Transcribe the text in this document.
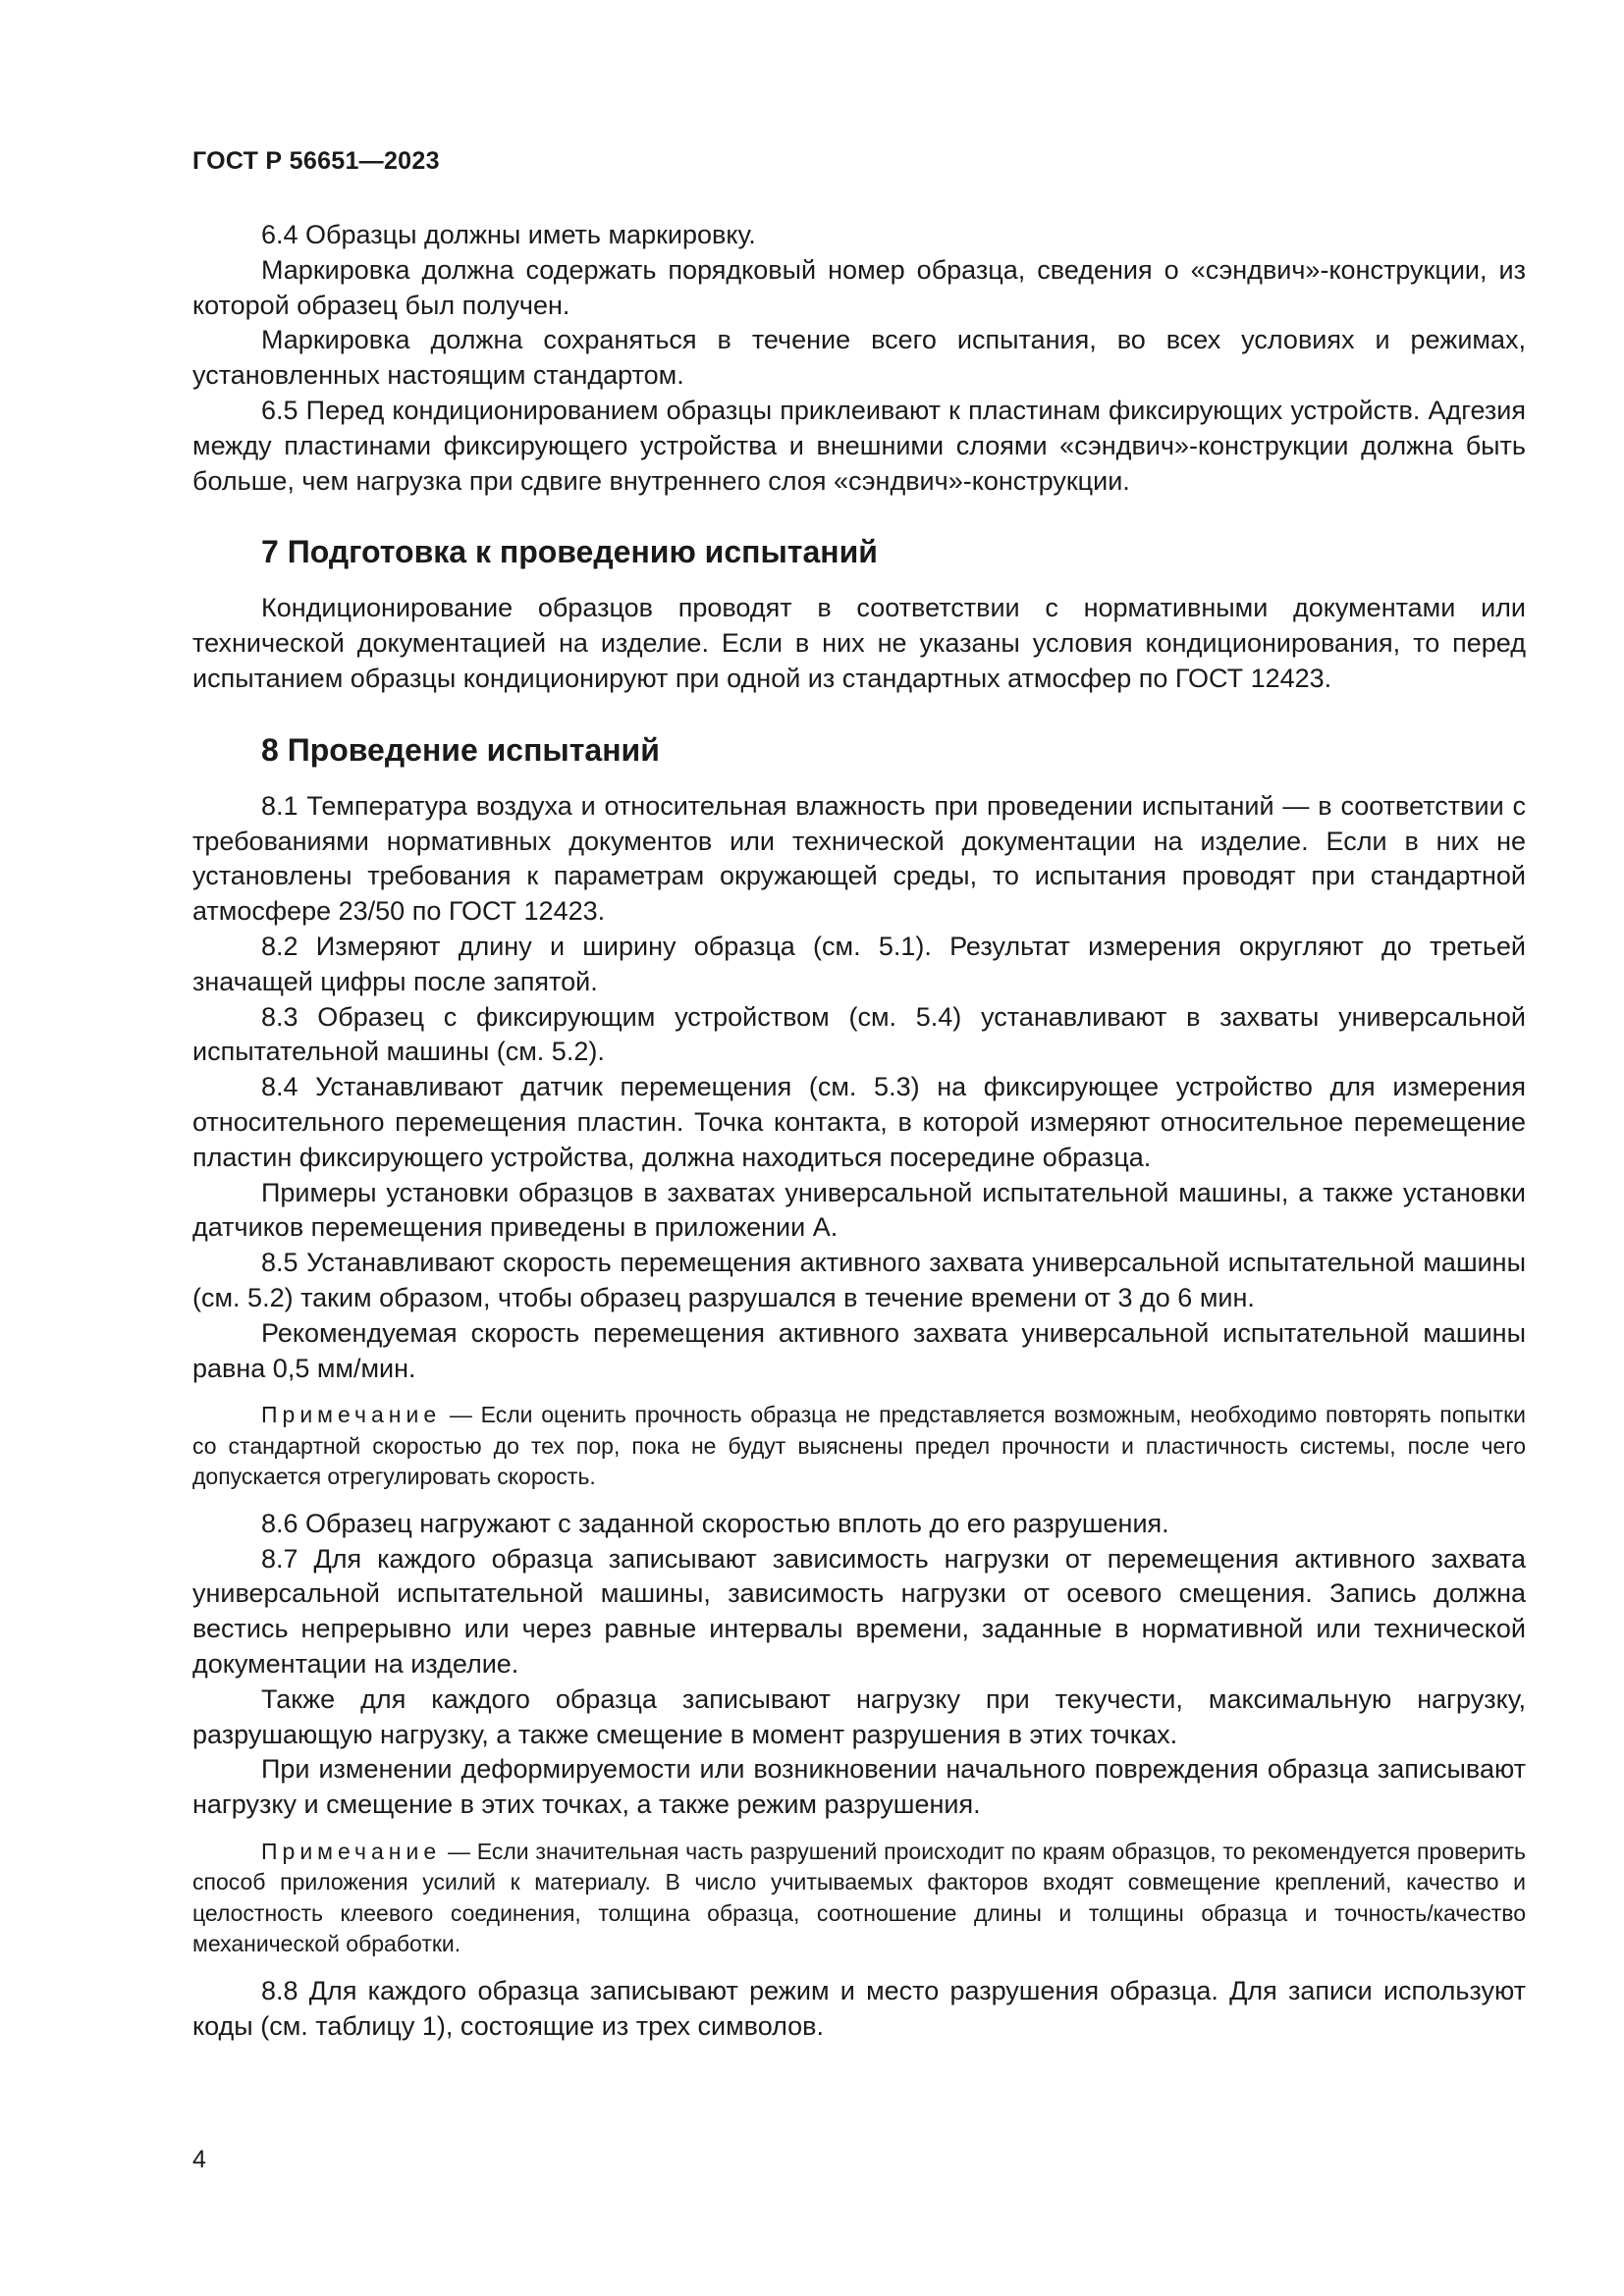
ГОСТ Р 56651—2023

6.4 Образцы должны иметь маркировку.

Маркировка должна содержать порядковый номер образца, сведения о «сэндвич»-конструкции, из которой образец был получен.

Маркировка должна сохраняться в течение всего испытания, во всех условиях и режимах, установленных настоящим стандартом.

6.5 Перед кондиционированием образцы приклеивают к пластинам фиксирующих устройств. Адгезия между пластинами фиксирующего устройства и внешними слоями «сэндвич»-конструкции должна быть больше, чем нагрузка при сдвиге внутреннего слоя «сэндвич»-конструкции.

7 Подготовка к проведению испытаний

Кондиционирование образцов проводят в соответствии с нормативными документами или технической документацией на изделие. Если в них не указаны условия кондиционирования, то перед испытанием образцы кондиционируют при одной из стандартных атмосфер по ГОСТ 12423.

8 Проведение испытаний

8.1 Температура воздуха и относительная влажность при проведении испытаний — в соответствии с требованиями нормативных документов или технической документации на изделие. Если в них не установлены требования к параметрам окружающей среды, то испытания проводят при стандартной атмосфере 23/50 по ГОСТ 12423.

8.2 Измеряют длину и ширину образца (см. 5.1). Результат измерения округляют до третьей значащей цифры после запятой.

8.3 Образец с фиксирующим устройством (см. 5.4) устанавливают в захваты универсальной испытательной машины (см. 5.2).

8.4 Устанавливают датчик перемещения (см. 5.3) на фиксирующее устройство для измерения относительного перемещения пластин. Точка контакта, в которой измеряют относительное перемещение пластин фиксирующего устройства, должна находиться посередине образца.

Примеры установки образцов в захватах универсальной испытательной машины, а также установки датчиков перемещения приведены в приложении А.

8.5 Устанавливают скорость перемещения активного захвата универсальной испытательной машины (см. 5.2) таким образом, чтобы образец разрушался в течение времени от 3 до 6 мин.

Рекомендуемая скорость перемещения активного захвата универсальной испытательной машины равна 0,5 мм/мин.

Примечание — Если оценить прочность образца не представляется возможным, необходимо повторять попытки со стандартной скоростью до тех пор, пока не будут выяснены предел прочности и пластичность системы, после чего допускается отрегулировать скорость.

8.6 Образец нагружают с заданной скоростью вплоть до его разрушения.

8.7 Для каждого образца записывают зависимость нагрузки от перемещения активного захвата универсальной испытательной машины, зависимость нагрузки от осевого смещения. Запись должна вестись непрерывно или через равные интервалы времени, заданные в нормативной или технической документации на изделие.

Также для каждого образца записывают нагрузку при текучести, максимальную нагрузку, разрушающую нагрузку, а также смещение в момент разрушения в этих точках.

При изменении деформируемости или возникновении начального повреждения образца записывают нагрузку и смещение в этих точках, а также режим разрушения.

Примечание — Если значительная часть разрушений происходит по краям образцов, то рекомендуется проверить способ приложения усилий к материалу. В число учитываемых факторов входят совмещение креплений, качество и целостность клеевого соединения, толщина образца, соотношение длины и толщины образца и точность/качество механической обработки.

8.8 Для каждого образца записывают режим и место разрушения образца. Для записи используют коды (см. таблицу 1), состоящие из трех символов.

4
